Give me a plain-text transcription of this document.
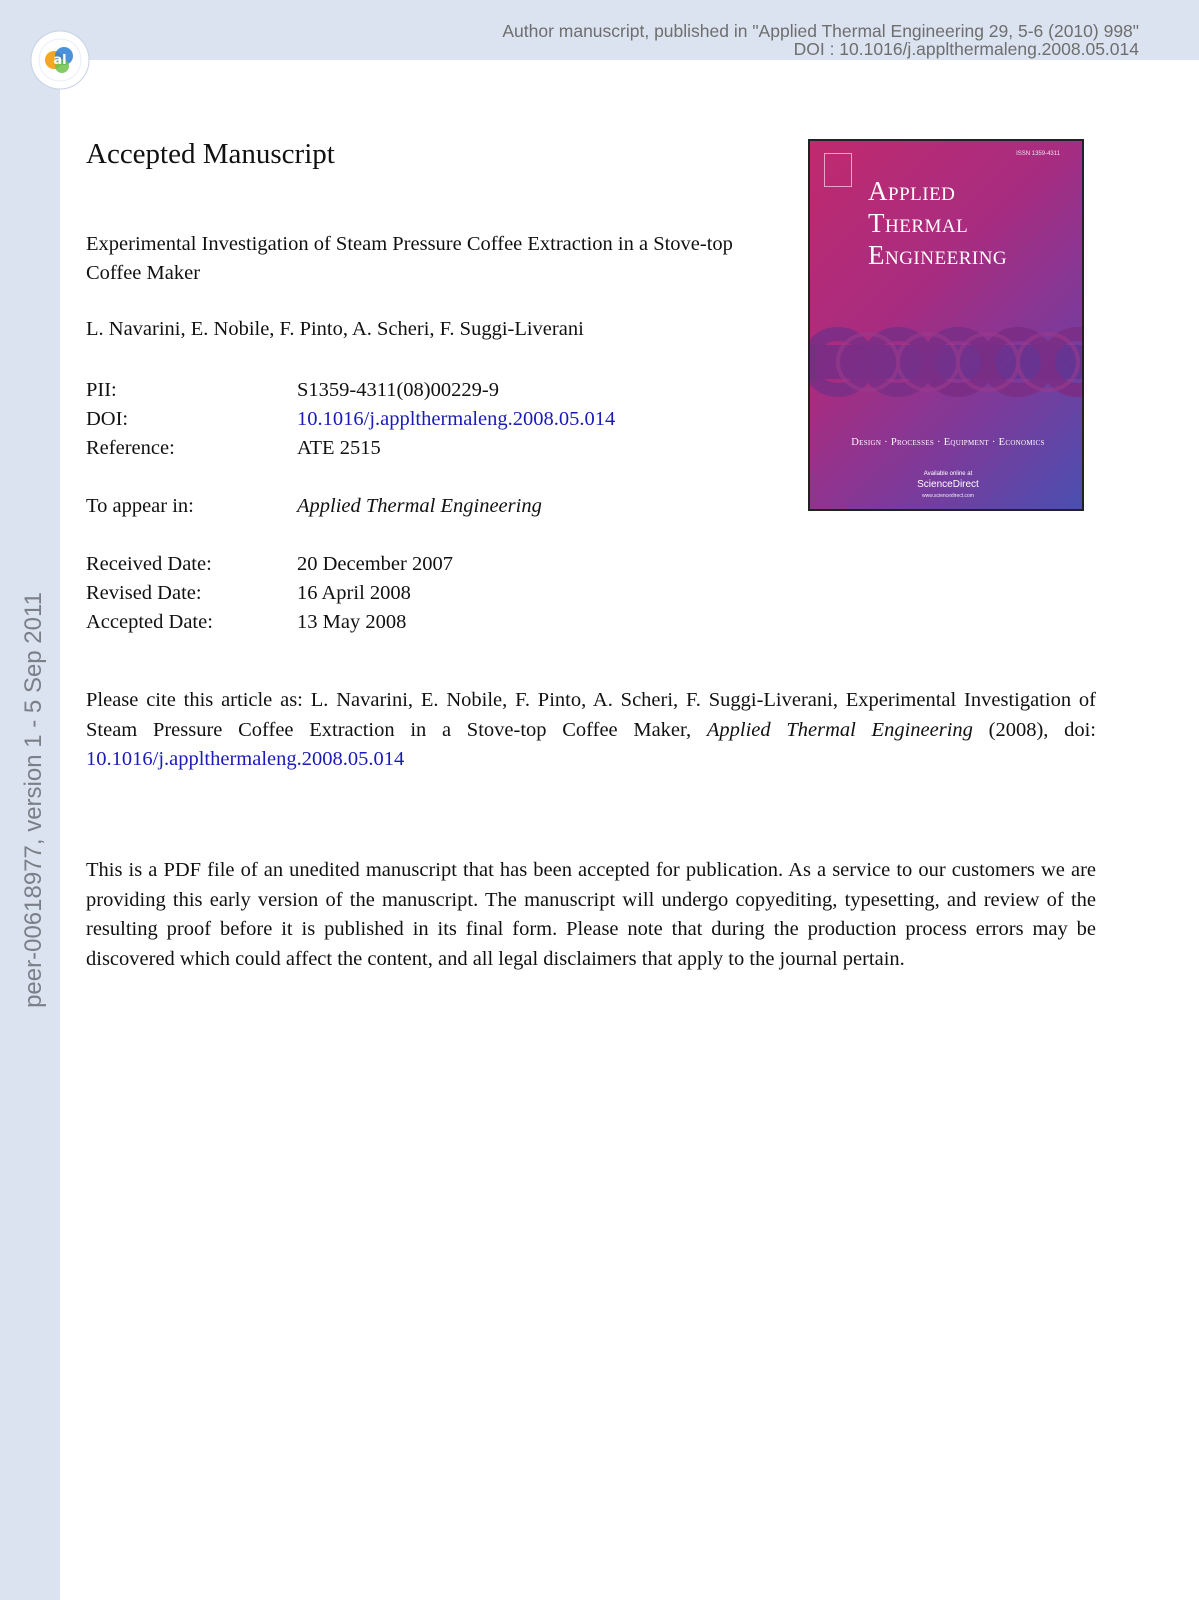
al
Author manuscript, published in "Applied Thermal Engineering 29, 5-6 (2010) 998"
DOI : 10.1016/j.applthermaleng.2008.05.014
peer-00618977, version 1 - 5 Sep 2011
Accepted Manuscript
Experimental Investigation of Steam Pressure Coffee Extraction in a Stove-top Coffee Maker
L. Navarini, E. Nobile, F. Pinto, A. Scheri, F. Suggi-Liverani
PII:	S1359-4311(08)00229-9
DOI:	10.1016/j.applthermaleng.2008.05.014
Reference:	ATE 2515
To appear in:	Applied Thermal Engineering
Received Date:	20 December 2007
Revised Date:	16 April 2008
Accepted Date:	13 May 2008
Please cite this article as: L. Navarini, E. Nobile, F. Pinto, A. Scheri, F. Suggi-Liverani, Experimental Investigation of Steam Pressure Coffee Extraction in a Stove-top Coffee Maker, Applied Thermal Engineering (2008), doi: 10.1016/j.applthermaleng.2008.05.014
This is a PDF file of an unedited manuscript that has been accepted for publication. As a service to our customers we are providing this early version of the manuscript. The manuscript will undergo copyediting, typesetting, and review of the resulting proof before it is published in its final form. Please note that during the production process errors may be discovered which could affect the content, and all legal disclaimers that apply to the journal pertain.
ISSN 1359-4311
Applied
Thermal
Engineering
Design · Processes · Equipment · Economics
Available online at
ScienceDirect
www.sciencedirect.com
